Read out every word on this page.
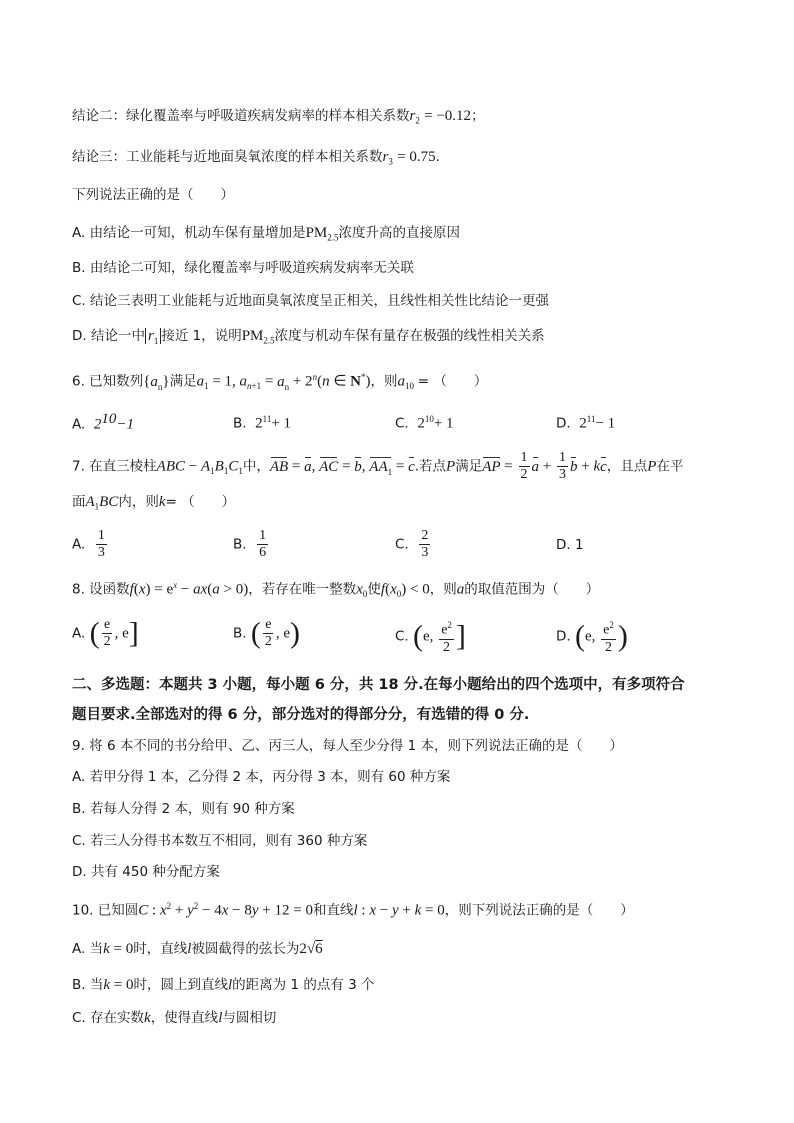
结论二：绿化覆盖率与呼吸道疾病发病率的样本相关系数$r_2 = -0.12$；
结论三：工业能耗与近地面臭氧浓度的样本相关系数$r_3 = 0.75$.
下列说法正确的是（　　）
A. 由结论一可知，机动车保有量增加是$PM_{2.5}$浓度升高的直接原因
B. 由结论二可知，绿化覆盖率与呼吸道疾病发病率无关联
C. 结论三表明工业能耗与近地面臭氧浓度呈正相关，且线性相关性比结论一更强
D. 结论一中 $r_1$ 接近 1，说明$PM_{2.5}$浓度与机动车保有量存在极强的线性相关关系
6. 已知数列$\{a_n\}$满足$a_1 = 1$, $a_{n+1} = a_n + 2^n(n$ ∈ N*)，则$a_{10}$ = （　　）
A. $2^{10}-1$	B. $2^{11}+ 1$	C. $2^{10}+ 1$	D. $2^{11}- 1$
7. 在直三棱柱ABC − $A_1B_1C_1$中，AB = a, AC = b, $AA_1 = c$.若点P满足AP = $\frac{1}{2}$ $a + \frac{1}{3}$ b + kc，且点P在平
面$A_1BC$内，则k= （　　）
A. $\frac{1}{3}$	B. $\frac{1}{6}$	C. $\frac{2}{3}$	D. 1
8. 设函数$f(x) = e^x - ax(a > 0)$，若存在唯一整数$x_0$使$f(x_0) < 0$，则a的取值范围为（　　）
A. ( $\frac{e}{2}$ , e]	B. ( $\frac{e}{2}$ , e)	C. (e, $\frac{e^2}{2}$ ]	D. (e, $\frac{e^2}{2}$ )
二、多选题：本题共 3 小题，每小题 6 分，共 18 分.在每小题给出的四个选项中，有多项符合
题目要求.全部选对的得 6 分，部分选对的得部分分，有选错的得 0 分.
9. 将 6 本不同的书分给甲、乙、丙三人，每人至少分得 1 本，则下列说法正确的是（　　）
A. 若甲分得 1 本，乙分得 2 本，丙分得 3 本，则有 60 种方案
B. 若每人分得 2 本，则有 90 种方案
C. 若三人分得书本数互不相同，则有 360 种方案
D. 共有 450 种分配方案
10. 已知圆C : $x^2 + y^2 - 4x - 8y + 12 = 0$和直线l : x − y + k = 0，则下列说法正确的是（　　）
A. 当k = 0时，直线l被圆截得的弦长为2√6
B. 当k = 0时，圆上到直线l的距离为 1 的点有 3 个
C. 存在实数k，使得直线l与圆相切
